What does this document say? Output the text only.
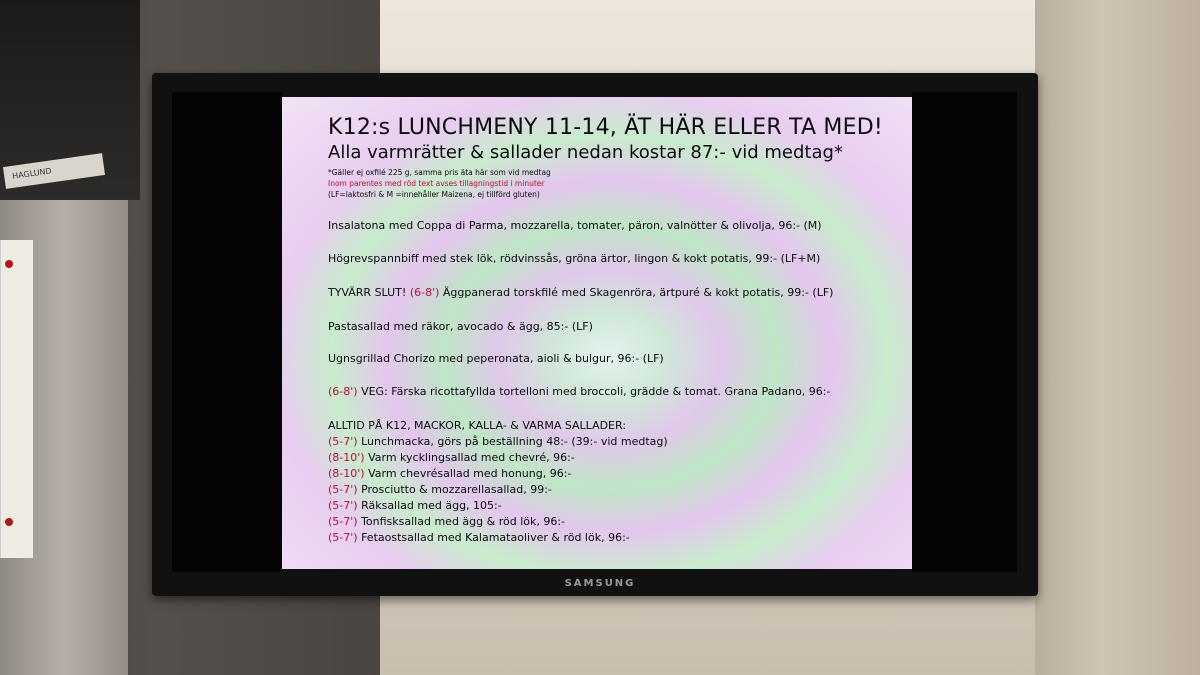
HAGLUND
SAMSUNG
K12:s LUNCHMENY 11-14, ÄT HÄR ELLER TA MED!
Alla varmrätter & sallader nedan kostar 87:- vid medtag*
*Gäller ej oxfilé 225 g, samma pris äta här som vid medtag
Inom parentes med röd text avses tillagningstid i minuter
(LF=laktosfri & M =innehåller Maizena, ej tillförd gluten)
Insalatona med Coppa di Parma, mozzarella, tomater, päron, valnötter & olivolja, 96:- (M)
Högrevspannbiff med stek lök, rödvinssås, gröna ärtor, lingon & kokt potatis, 99:- (LF+M)
TYVÄRR SLUT! (6-8') Äggpanerad torskfilé med Skagenröra, ärtpuré & kokt potatis, 99:- (LF)
Pastasallad med räkor, avocado & ägg, 85:- (LF)
Ugnsgrillad Chorizo med peperonata, aioli & bulgur, 96:- (LF)
(6-8') VEG: Färska ricottafyllda tortelloni med broccoli, grädde & tomat. Grana Padano, 96:-
ALLTID PÅ K12, MACKOR, KALLA- & VARMA SALLADER:
(5-7') Lunchmacka, görs på beställning 48:- (39:- vid medtag)
(8-10') Varm kycklingsallad med chevré, 96:-
(8-10') Varm chevrésallad med honung, 96:-
(5-7') Prosciutto & mozzarellasallad, 99:-
(5-7') Räksallad med ägg, 105:-
(5-7') Tonfisksallad med ägg & röd lök, 96:-
(5-7') Fetaostsallad med Kalamataoliver & röd lök, 96:-
